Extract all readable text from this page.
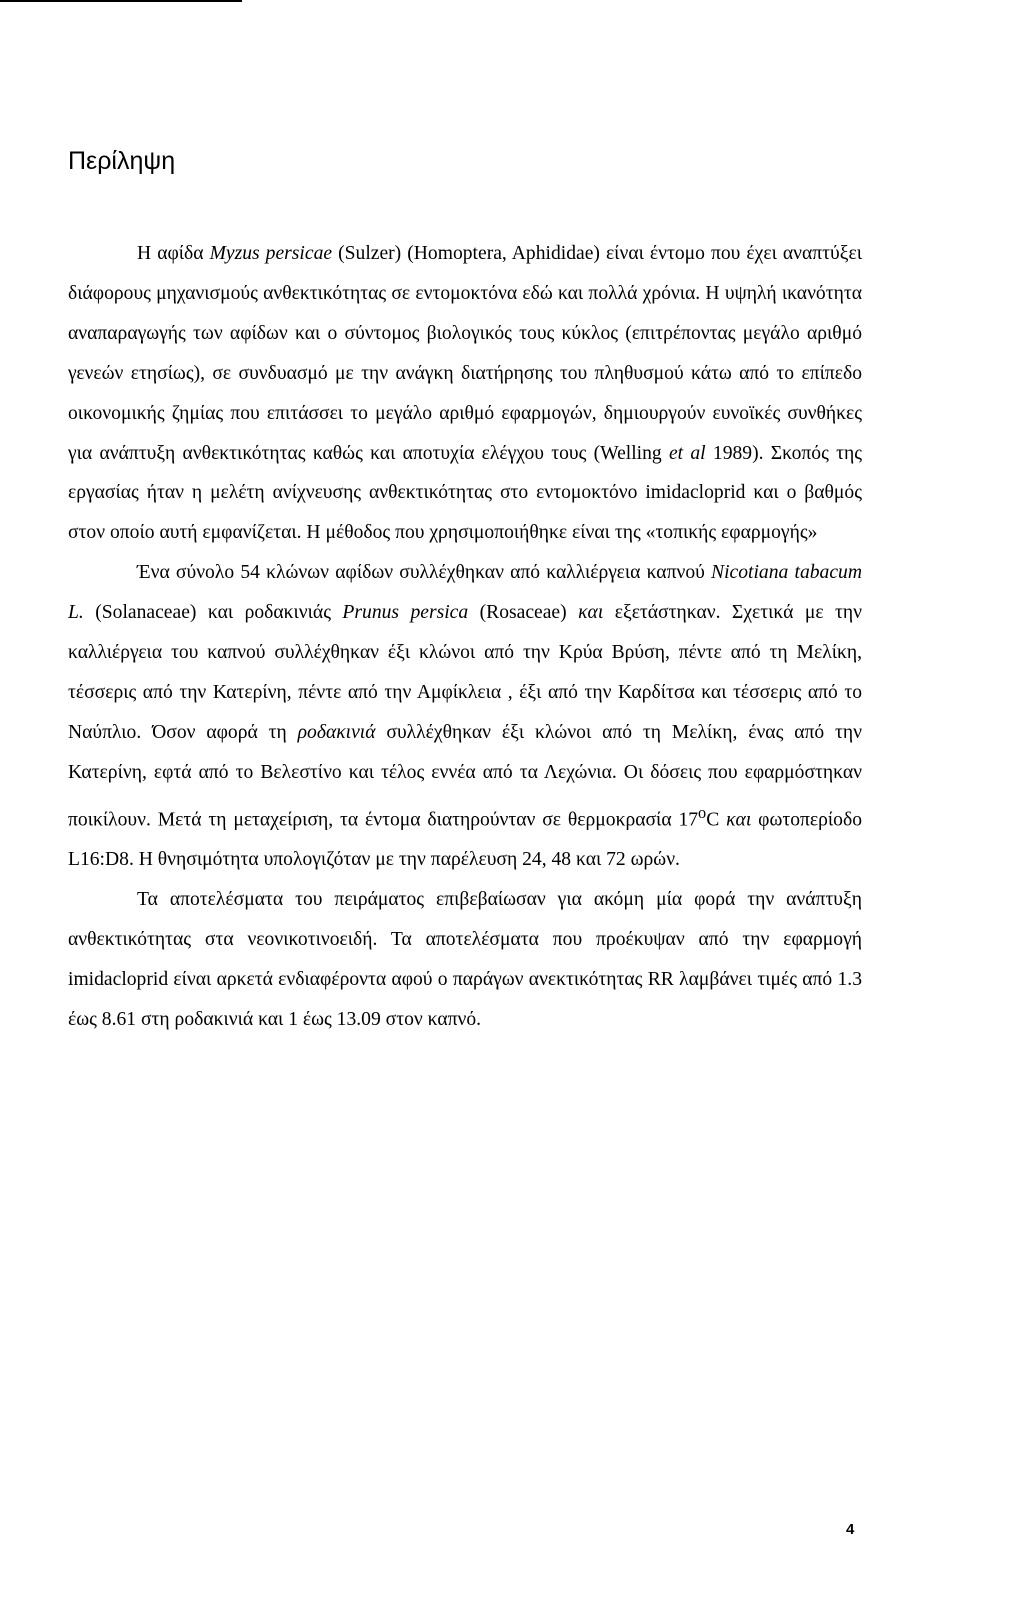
Περίληψη

Η αφίδα Myzus persicae (Sulzer) (Homoptera, Aphididae) είναι έντομο που έχει αναπτύξει διάφορους μηχανισμούς ανθεκτικότητας σε εντομοκτόνα εδώ και πολλά χρόνια. Η υψηλή ικανότητα αναπαραγωγής των αφίδων και ο σύντομος βιολογικός τους κύκλος (επιτρέποντας μεγάλο αριθμό γενεών ετησίως), σε συνδυασμό με την ανάγκη διατήρησης του πληθυσμού κάτω από το επίπεδο οικονομικής ζημίας που επιτάσσει το μεγάλο αριθμό εφαρμογών, δημιουργούν ευνοϊκές συνθήκες για ανάπτυξη ανθεκτικότητας καθώς και αποτυχία ελέγχου τους (Welling et al 1989). Σκοπός της εργασίας ήταν η μελέτη ανίχνευσης ανθεκτικότητας στο εντομοκτόνο imidacloprid και ο βαθμός στον οποίο αυτή εμφανίζεται. Η μέθοδος που χρησιμοποιήθηκε είναι της «τοπικής εφαρμογής»

Ένα σύνολο 54 κλώνων αφίδων συλλέχθηκαν από καλλιέργεια καπνού Nicotiana tabacum L. (Solanaceae) και ροδακινιάς Prunus persica (Rosaceae) και εξετάστηκαν. Σχετικά με την καλλιέργεια του καπνού συλλέχθηκαν έξι κλώνοι από την Κρύα Βρύση, πέντε από τη Μελίκη, τέσσερις από την Κατερίνη, πέντε από την Αμφίκλεια , έξι από την Καρδίτσα και τέσσερις από το Ναύπλιο. Όσον αφορά τη ροδακινιά συλλέχθηκαν έξι κλώνοι από τη Μελίκη, ένας από την Κατερίνη, εφτά από το Βελεστίνο και τέλος εννέα από τα Λεχώνια. Οι δόσεις που εφαρμόστηκαν ποικίλουν. Μετά τη μεταχείριση, τα έντομα διατηρούνταν σε θερμοκρασία 17$^o$C και φωτοπερίοδο L16:D8. Η θνησιμότητα υπολογιζόταν με την παρέλευση 24, 48 και 72 ωρών.

Τα αποτελέσματα του πειράματος επιβεβαίωσαν για ακόμη μία φορά την ανάπτυξη ανθεκτικότητας στα νεονικοτινοειδή. Τα αποτελέσματα που προέκυψαν από την εφαρμογή imidacloprid είναι αρκετά ενδιαφέροντα αφού ο παράγων ανεκτικότητας RR λαμβάνει τιμές από 1.3 έως 8.61 στη ροδακινιά και 1 έως 13.09 στον καπνό.

4
